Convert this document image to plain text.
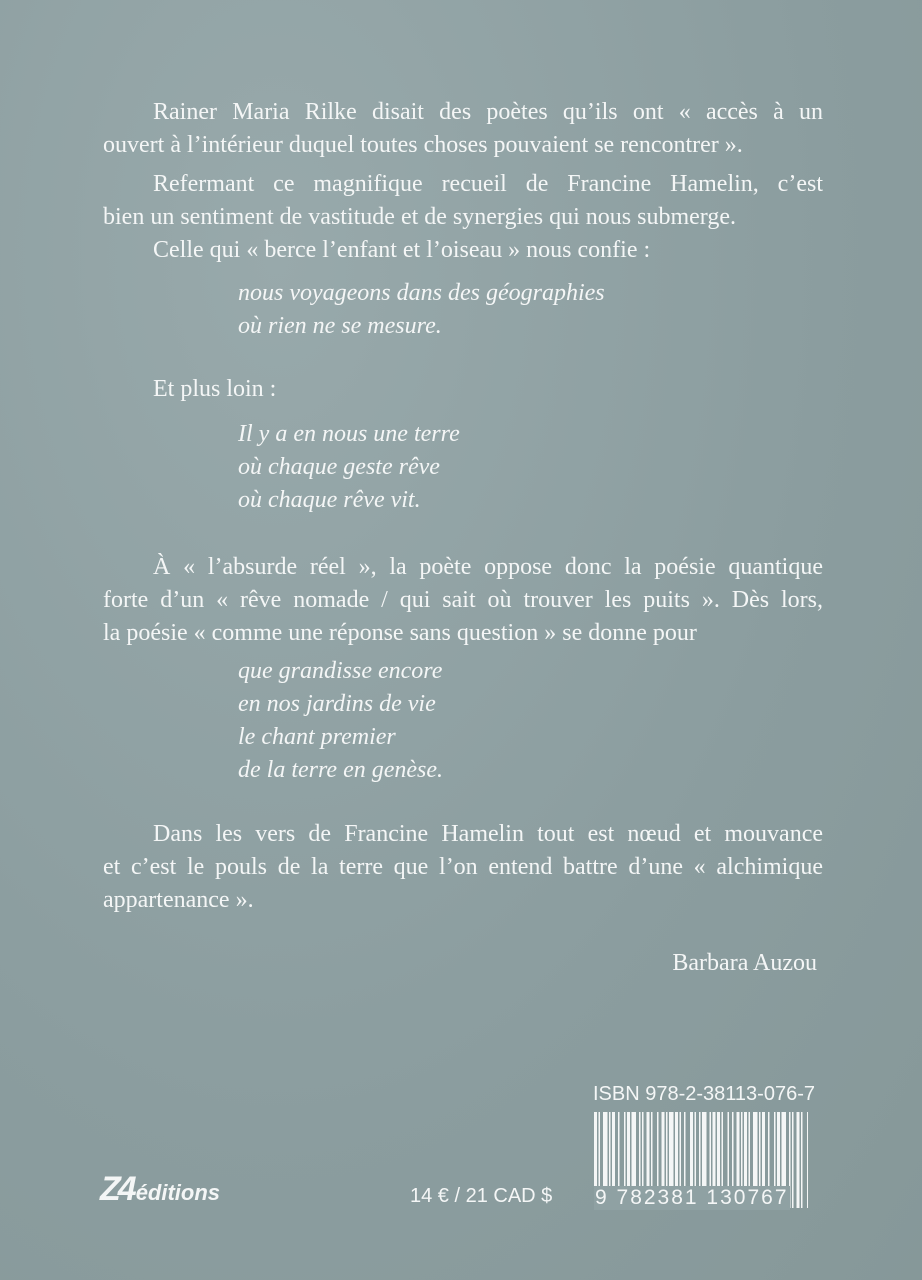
Rainer Maria Rilke disait des poètes qu’ils ont « accès à un
ouvert à l’intérieur duquel toutes choses pouvaient se rencontrer ».
Refermant ce magnifique recueil de Francine Hamelin, c’est
bien un sentiment de vastitude et de synergies qui nous submerge.
Celle qui « berce l’enfant et l’oiseau » nous confie :
nous voyageons dans des géographies
où rien ne se mesure.
Et plus loin :
Il y a en nous une terre
où chaque geste rêve
où chaque rêve vit.
À « l’absurde réel », la poète oppose donc la poésie quantique
forte d’un « rêve nomade / qui sait où trouver les puits ». Dès lors,
la poésie « comme une réponse sans question » se donne pour
que grandisse encore
en nos jardins de vie
le chant premier
de la terre en genèse.
Dans les vers de Francine Hamelin tout est nœud et mouvance
et c’est le pouls de la terre que l’on entend battre d’une « alchimique
appartenance ».
Barbara Auzou
Z4éditions	14 € / 21 CAD $
ISBN 978-2-38113-076-7
9 782381 130767
